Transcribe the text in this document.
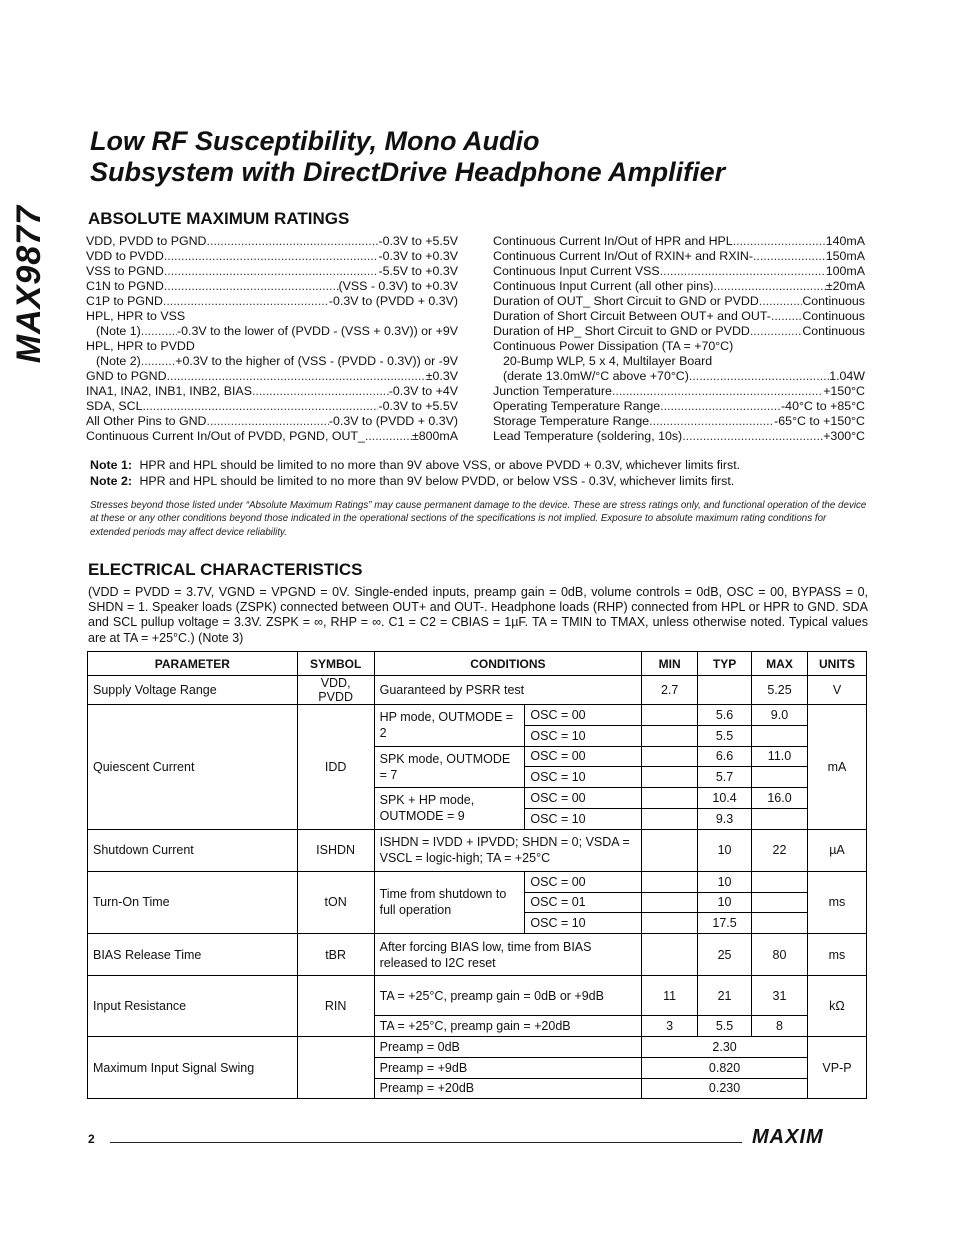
MAX9877
Low RF Susceptibility, Mono Audio
Subsystem with DirectDrive Headphone Amplifier
ABSOLUTE MAXIMUM RATINGS
VDD, PVDD to PGND .....	-0.3V to +5.5V
VDD to PVDD .....	-0.3V to +0.3V
VSS to PGND .....	-5.5V to +0.3V
C1N to PGND .....	(VSS - 0.3V) to +0.3V
C1P to PGND .....	-0.3V to (PVDD + 0.3V)
HPL, HPR to VSS
(Note 1) .....	-0.3V to the lower of (PVDD - (VSS + 0.3V)) or +9V
HPL, HPR to PVDD
(Note 2) .....	+0.3V to the higher of (VSS - (PVDD - 0.3V)) or -9V
GND to PGND .....	±0.3V
INA1, INA2, INB1, INB2, BIAS .....	-0.3V to +4V
SDA, SCL .....	-0.3V to +5.5V
All Other Pins to GND .....	-0.3V to (PVDD + 0.3V)
Continuous Current In/Out of PVDD, PGND, OUT_ .....	±800mA
Continuous Current In/Out of HPR and HPL .....	140mA
Continuous Current In/Out of RXIN+ and RXIN- .....	150mA
Continuous Input Current VSS .....	100mA
Continuous Input Current (all other pins) .....	±20mA
Duration of OUT_ Short Circuit to GND or PVDD .....	Continuous
Duration of Short Circuit Between OUT+ and OUT- .....	Continuous
Duration of HP_ Short Circuit to GND or PVDD .....	Continuous
Continuous Power Dissipation (TA = +70°C)
20-Bump WLP, 5 x 4, Multilayer Board
(derate 13.0mW/°C above +70°C) .....	1.04W
Junction Temperature .....	+150°C
Operating Temperature Range .....	-40°C to +85°C
Storage Temperature Range .....	-65°C to +150°C
Lead Temperature (soldering, 10s) .....	+300°C
Note 1: HPR and HPL should be limited to no more than 9V above VSS, or above PVDD + 0.3V, whichever limits first.
Note 2: HPR and HPL should be limited to no more than 9V below PVDD, or below VSS - 0.3V, whichever limits first.
Stresses beyond those listed under “Absolute Maximum Ratings” may cause permanent damage to the device. These are stress ratings only, and functional operation of the device at these or any other conditions beyond those indicated in the operational sections of the specifications is not implied. Exposure to absolute maximum rating conditions for extended periods may affect device reliability.
ELECTRICAL CHARACTERISTICS
(VDD = PVDD = 3.7V, VGND = VPGND = 0V. Single-ended inputs, preamp gain = 0dB, volume controls = 0dB, OSC = 00, BYPASS = 0, SHDN = 1. Speaker loads (ZSPK) connected between OUT+ and OUT-. Headphone loads (RHP) connected from HPL or HPR to GND. SDA and SCL pullup voltage = 3.3V. ZSPK = ∞, RHP = ∞. C1 = C2 = CBIAS = 1µF. TA = TMIN to TMAX, unless otherwise noted. Typical values are at TA = +25°C.) (Note 3)
PARAMETER	SYMBOL	CONDITIONS		MIN	TYP	MAX	UNITS
Supply Voltage Range	VDD, PVDD	Guaranteed by PSRR test		2.7		5.25	V
Quiescent Current	IDD	HP mode, OUTMODE = 2	OSC = 00		5.6	9.0	mA
			OSC = 10		5.5		
		SPK mode, OUTMODE = 7	OSC = 00		6.6	11.0	
			OSC = 10		5.7		
		SPK + HP mode, OUTMODE = 9	OSC = 00		10.4	16.0	
			OSC = 10		9.3		
Shutdown Current	ISHDN	ISHDN = IVDD + IPVDD; SHDN = 0; VSDA = VSCL = logic-high; TA = +25°C			10	22	µA
Turn-On Time	tON	Time from shutdown to full operation	OSC = 00		10		ms
			OSC = 01		10		
			OSC = 10		17.5		
BIAS Release Time	tBR	After forcing BIAS low, time from BIAS released to I2C reset			25	80	ms
Input Resistance	RIN	TA = +25°C, preamp gain = 0dB or +9dB		11	21	31	kΩ
		TA = +25°C, preamp gain = +20dB		3	5.5	8	
Maximum Input Signal Swing		Preamp = 0dB		2.30			VP-P
		Preamp = +9dB		0.820			
		Preamp = +20dB		0.230			
2	MAXIM
